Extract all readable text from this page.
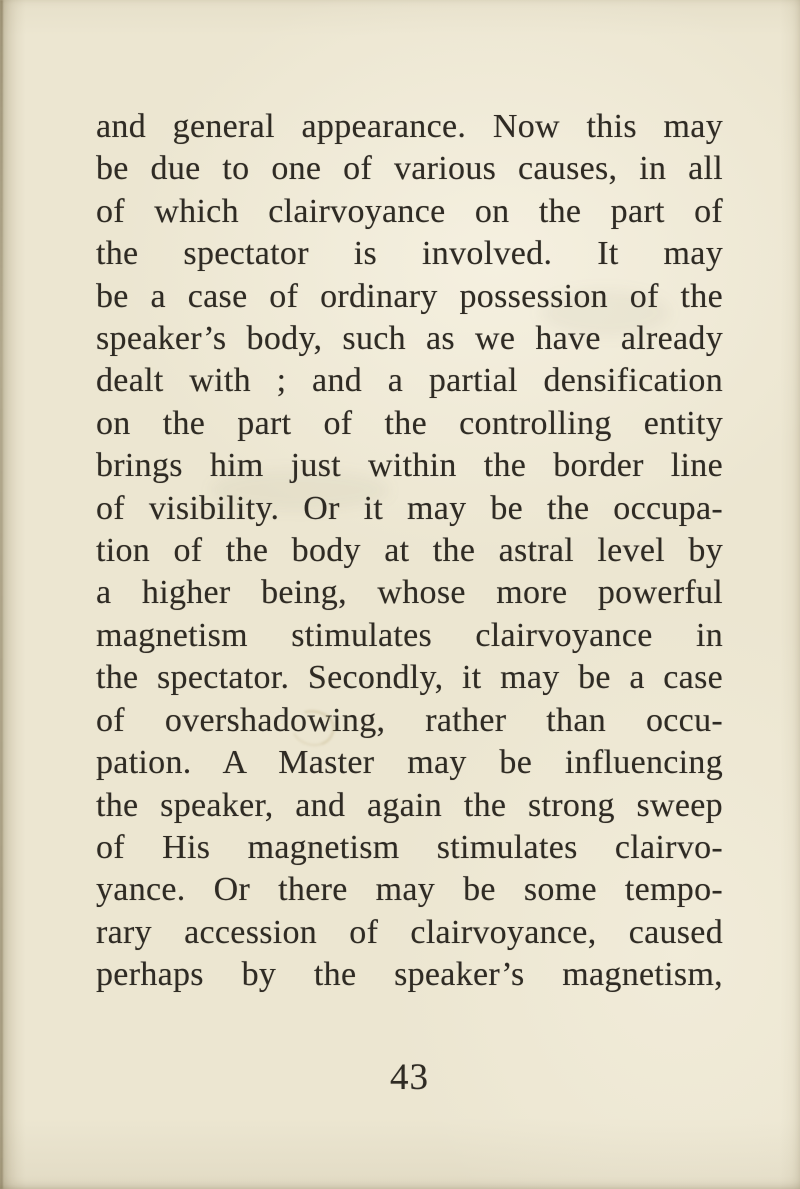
and general appearance. Now this may
be due to one of various causes, in all
of which clairvoyance on the part of
the spectator is involved. It may
be a case of ordinary possession of the
speaker’s body, such as we have already
dealt with ; and a partial densification
on the part of the controlling entity
brings him just within the border line
of visibility. Or it may be the occupa-
tion of the body at the astral level by
a higher being, whose more powerful
magnetism stimulates clairvoyance in
the spectator. Secondly, it may be a case
of overshadowing, rather than occu-
pation. A Master may be influencing
the speaker, and again the strong sweep
of His magnetism stimulates clairvo-
yance. Or there may be some tempo-
rary accession of clairvoyance, caused
perhaps by the speaker’s magnetism,
43
